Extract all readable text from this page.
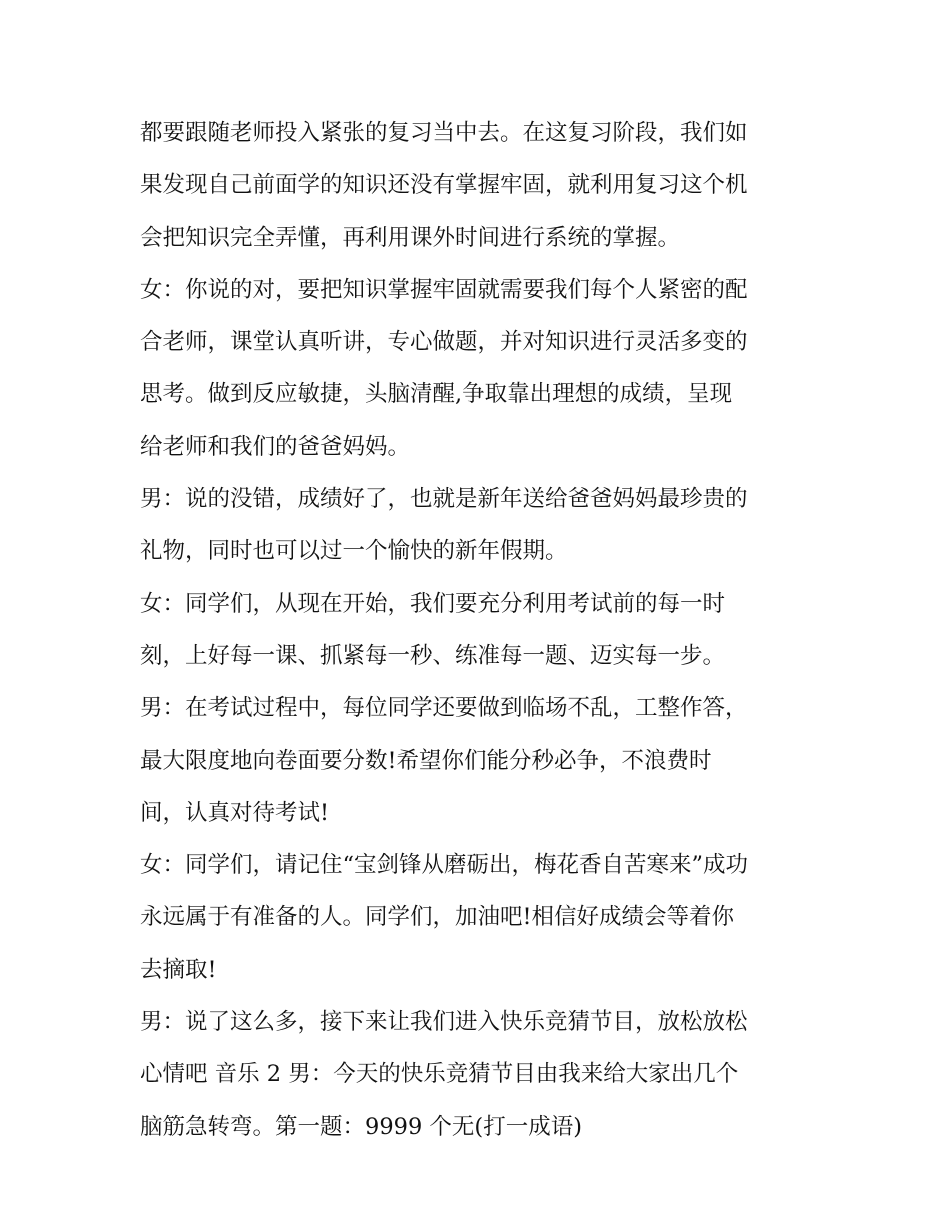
都要跟随老师投入紧张的复习当中去。在这复习阶段，我们如
果发现自己前面学的知识还没有掌握牢固，就利用复习这个机
会把知识完全弄懂，再利用课外时间进行系统的掌握。
女：你说的对，要把知识掌握牢固就需要我们每个人紧密的配
合老师，课堂认真听讲，专心做题，并对知识进行灵活多变的
思考。做到反应敏捷，头脑清醒,争取靠出理想的成绩，呈现
给老师和我们的爸爸妈妈。
男：说的没错，成绩好了，也就是新年送给爸爸妈妈最珍贵的
礼物，同时也可以过一个愉快的新年假期。
女：同学们，从现在开始，我们要充分利用考试前的每一时
刻，上好每一课、抓紧每一秒、练准每一题、迈实每一步。
男：在考试过程中，每位同学还要做到临场不乱，工整作答，
最大限度地向卷面要分数!希望你们能分秒必争，不浪费时
间，认真对待考试!
女：同学们，请记住“宝剑锋从磨砺出，梅花香自苦寒来”成功
永远属于有准备的人。同学们，加油吧!相信好成绩会等着你
去摘取!
男：说了这么多，接下来让我们进入快乐竞猜节目，放松放松
心情吧 音乐 2 男：今天的快乐竞猜节目由我来给大家出几个
脑筋急转弯。第一题：9999 个无(打一成语)
